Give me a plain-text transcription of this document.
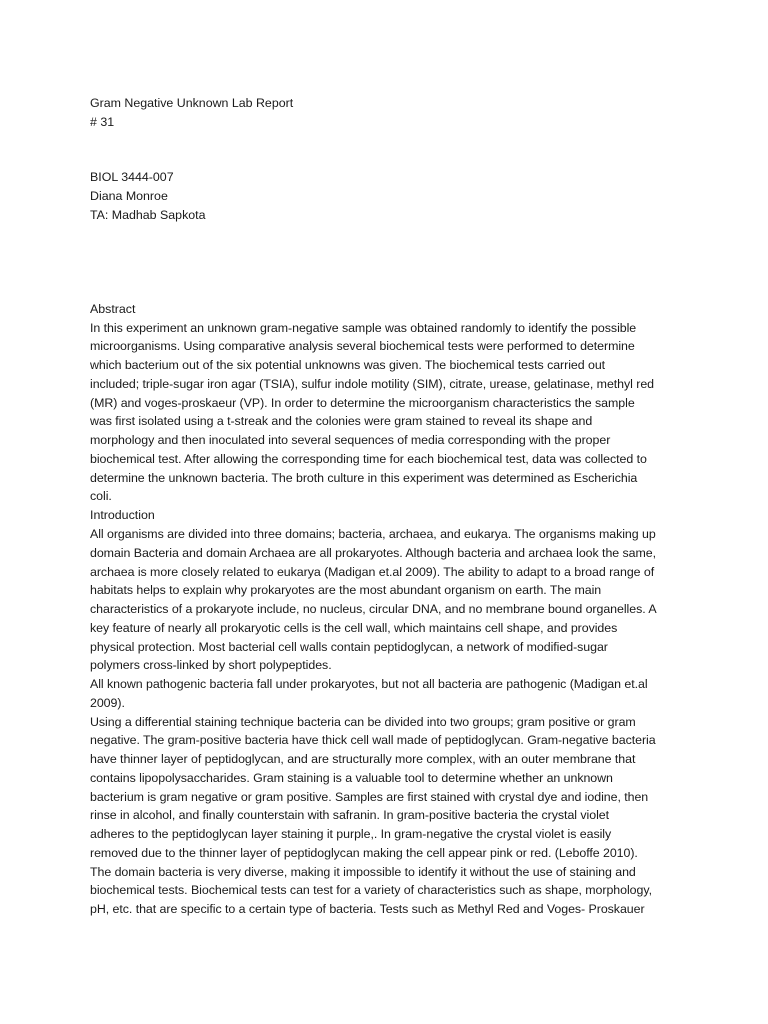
Gram Negative Unknown Lab Report
# 31
BIOL 3444-007
Diana Monroe
TA: Madhab Sapkota
Abstract

In this experiment an unknown gram-negative sample was obtained randomly to identify the possible
microorganisms. Using comparative analysis several biochemical tests were performed to determine
which bacterium out of the six potential unknowns was given. The biochemical tests carried out
included; triple-sugar iron agar (TSIA), sulfur indole motility (SIM), citrate, urease, gelatinase, methyl red
(MR) and voges-proskaeur (VP). In order to determine the microorganism characteristics the sample
was first isolated using a t-streak and the colonies were gram stained to reveal its shape and
morphology and then inoculated into several sequences of media corresponding with the proper
biochemical test. After allowing the corresponding time for each biochemical test, data was collected to
determine the unknown bacteria. The broth culture in this experiment was determined as Escherichia
coli.

Introduction

All organisms are divided into three domains; bacteria, archaea, and eukarya. The organisms making up
domain Bacteria and domain Archaea are all prokaryotes. Although bacteria and archaea look the same,
archaea is more closely related to eukarya (Madigan et.al 2009). The ability to adapt to a broad range of
habitats helps to explain why prokaryotes are the most abundant organism on earth. The main
characteristics of a prokaryote include, no nucleus, circular DNA, and no membrane bound organelles. A
key feature of nearly all prokaryotic cells is the cell wall, which maintains cell shape, and provides
physical protection. Most bacterial cell walls contain peptidoglycan, a network of modified-sugar
polymers cross-linked by short polypeptides.
All known pathogenic bacteria fall under prokaryotes, but not all bacteria are pathogenic (Madigan et.al
2009).
Using a differential staining technique bacteria can be divided into two groups; gram positive or gram
negative. The gram-positive bacteria have thick cell wall made of peptidoglycan. Gram-negative bacteria
have thinner layer of peptidoglycan, and are structurally more complex, with an outer membrane that
contains lipopolysaccharides. Gram staining is a valuable tool to determine whether an unknown
bacterium is gram negative or gram positive. Samples are first stained with crystal dye and iodine, then
rinse in alcohol, and finally counterstain with safranin. In gram-positive bacteria the crystal violet
adheres to the peptidoglycan layer staining it purple,. In gram-negative the crystal violet is easily
removed due to the thinner layer of peptidoglycan making the cell appear pink or red. (Leboffe 2010).
The domain bacteria is very diverse, making it impossible to identify it without the use of staining and
biochemical tests. Biochemical tests can test for a variety of characteristics such as shape, morphology,
pH, etc. that are specific to a certain type of bacteria. Tests such as Methyl Red and Voges- Proskauer
